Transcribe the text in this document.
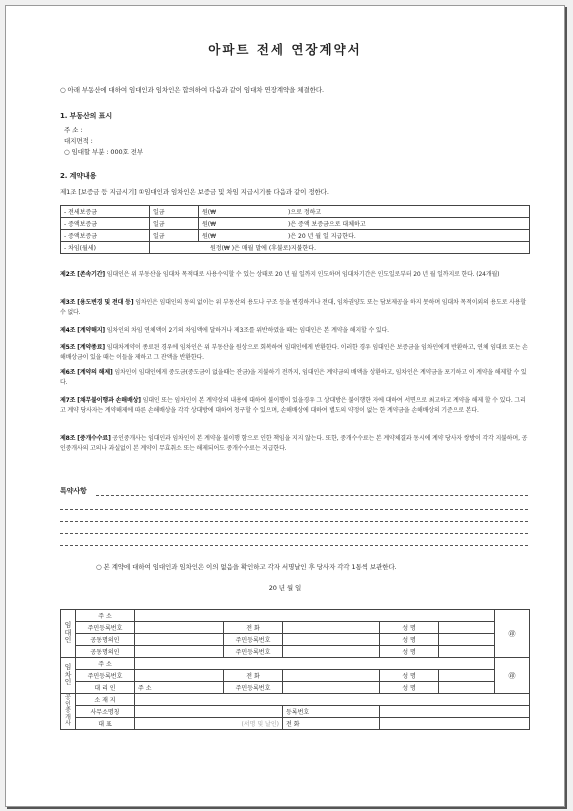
아파트 전세 연장계약서
○ 아래 부동산에 대하여 임대인과 임차인은 합의하여 다음과 같이 임대차 연장계약을 체결한다.
1. 부동산의 표시
주 소 :
대지면적 :
○ 임대할 부분 : 000호 전부
2. 계약내용
제1조 [보증금 등 지급시기] ①임대인과 임차인은 보증금 및 차임 지급시기를 다음과 같이 정한다.
- 전세보증금	일금	원(₩	)으로 정하고
- 증액보증금	일금	원(₩	)은 증액 보증금으로 대체하고
- 증액보증금	일금	원(₩	)은 20 년 월 일 지급한다.
- 차임(월세)	원정(₩ )은 매월 말에 (후불로)지불한다.		
제2조 [존속기간] 임대인은 위 부동산을 임대차 목적대로 사용수익할 수 있는 상태로 20 년 월 일까지 인도하며 임대차기간은 인도일로부터 20 년 월 일까지로 한다. (24개월)
제3조 [용도변경 및 전대 등] 임차인은 임대인의 동의 없이는 위 부동산의 용도나 구조 등을 변경하거나 전대, 임차권양도 또는 담보제공을 하지 못하며 임대차 목적이외의 용도로 사용할 수 없다.
제4조 [계약해지] 임차인의 차임 연체액이 2기의 차임액에 달하거나 제3조를 위반하였을 때는 임대인은 본 계약을 해지할 수 있다.
제5조 [계약종료] 임대차계약이 종료된 경우에 임차인은 위 부동산을 원상으로 회복하여 임대인에게 반환한다. 이러한 경우 임대인은 보증금을 임차인에게 반환하고, 연체 임대료 또는 손해배상금이 있을 때는 이들을 제하고 그 잔액을 반환한다.
제6조 [계약의 해제] 임차인이 임대인에게 중도금(중도금이 없을때는 잔금)을 지불하기 전까지, 임대인은 계약금의 배액을 상환하고, 임차인은 계약금을 포기하고 이 계약을 해제할 수 있다.
제7조 [채무불이행과 손해배상] 임대인 또는 임차인이 본 계약상의 내용에 대하여 불이행이 있을경우 그 상대방은 불이행한 자에 대하여 서면으로 최고하고 계약을 해제 할 수 있다. 그리고 계약 당사자는 계약해제에 따른 손해배상을 각각 상대방에 대하여 청구할 수 있으며, 손해배상에 대하여 별도의 약정이 없는 한 계약금을 손해배상의 기준으로 본다.
제8조 [중개수수료] 공인중개사는 임대인과 임차인이 본 계약을 불이행 함으로 인한 책임을 지지 않는다. 또한, 중개수수료는 본 계약체결과 동시에 계약 당사자 쌍방이 각각 지불하며, 공인중개사의 고의나 과실없이 본 계약이 무효취소 또는 해제되어도 중개수수료는 지급한다.
특약사항
○ 본 계약에 대하여 임대인과 임차인은 이의 없음을 확인하고 각자 서명날인 후 당사자 각각 1통씩 보관한다.
20 년 월 일
임
대
인	주 소						㊞
	주민등록번호		전 화		성 명		
	공동명의인		주민등록번호		성 명		
	공동명의인		주민등록번호		성 명		
임
차
인	주 소						㊞
	주민등록번호		전 화		성 명		
	대 리 인	주 소	주민등록번호		성 명		
공
인
중
개
사	소 재 지						
	사무소명칭			등록번호			
	대 표	(서명 및 날인)		전 화			
